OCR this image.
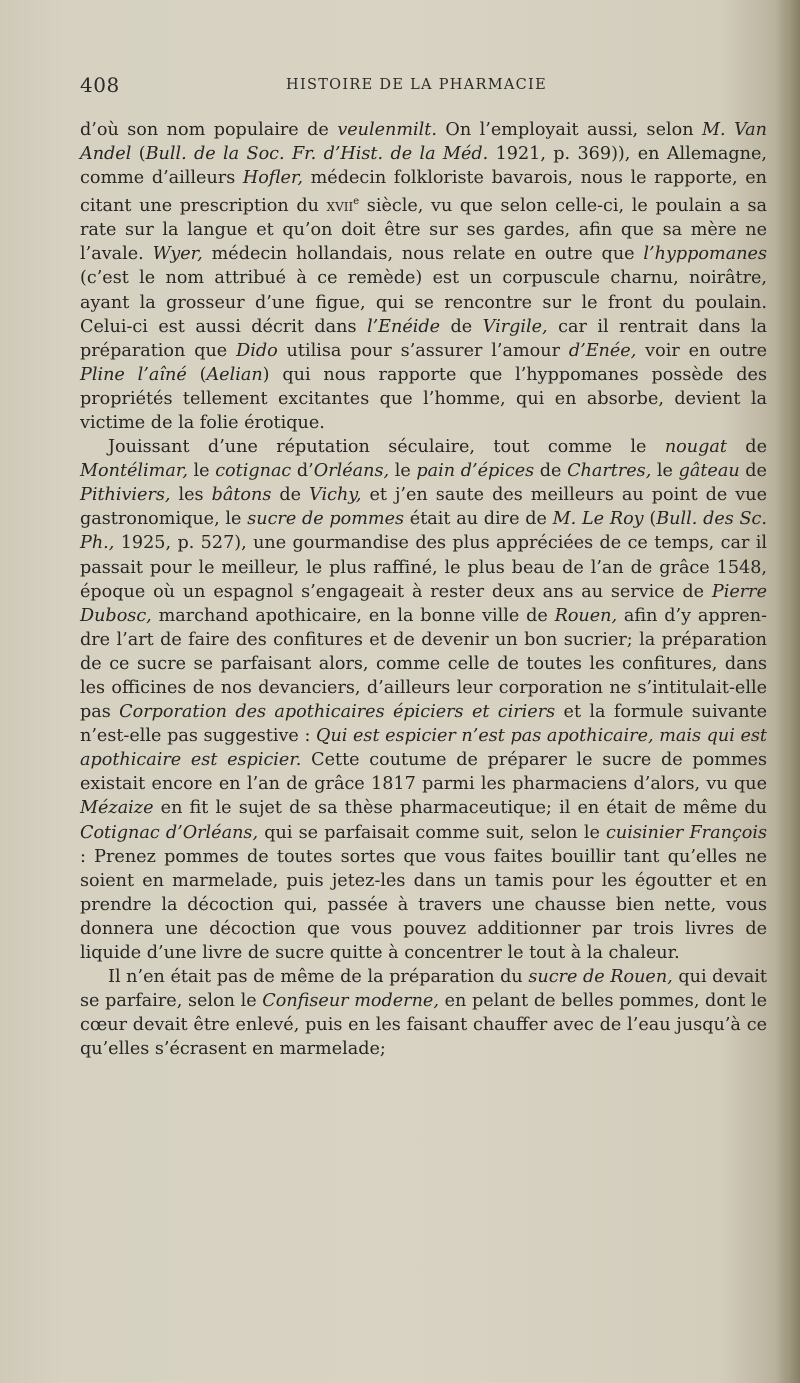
408	HISTOIRE DE LA PHARMACIE

d’où son nom populaire de veulenmilt. On l’employait aussi, selon M. Van Andel (Bull. de la Soc. Fr. d’Hist. de la Méd. 1921, p. 369)), en Allemagne, comme d’ailleurs Hofler, médecin folkloriste bavarois, nous le rapporte, en citant une prescription du xvii$^e$ siècle, vu que selon celle-ci, le poulain a sa rate sur la langue et qu’on doit être sur ses gardes, afin que sa mère ne l’avale. Wyer, médecin hollandais, nous relate en outre que l’hyppomanes (c’est le nom attribué à ce remède) est un corpuscule charnu, noirâtre, ayant la grosseur d’une figue, qui se rencontre sur le front du poulain. Celui-ci est aussi décrit dans l’Enéide de Virgile, car il rentrait dans la préparation que Dido utilisa pour s’assurer l’amour d’Enée, voir en outre Pline l’aîné (Aelian) qui nous rapporte que l’hyppomanes possède des propriétés tellement excitantes que l’homme, qui en absorbe, devient la victime de la folie érotique.

Jouissant d’une réputation séculaire, tout comme le nougat de Montélimar, le cotignac d’Orléans, le pain d’épices de Chartres, le gâteau de Pithiviers, les bâtons de Vichy, et j’en saute des meilleurs au point de vue gastronomique, le sucre de pommes était au dire de M. Le Roy (Bull. des Sc. Ph., 1925, p. 527), une gourmandise des plus appréciées de ce temps, car il passait pour le meilleur, le plus raffiné, le plus beau de l’an de grâce 1548, époque où un espagnol s’engageait à rester deux ans au service de Pierre Dubosc, marchand apothicaire, en la bonne ville de Rouen, afin d’y apprendre l’art de faire des confitures et de devenir un bon sucrier; la préparation de ce sucre se parfaisant alors, comme celle de toutes les confitures, dans les officines de nos devanciers, d’ailleurs leur corporation ne s’intitulait-elle pas Corporation des apothicaires épiciers et ciriers et la formule suivante n’est-elle pas suggestive : Qui est espicier n’est pas apothicaire, mais qui est apothicaire est espicier. Cette coutume de préparer le sucre de pommes existait encore en l’an de grâce 1817 parmi les pharmaciens d’alors, vu que Mézaize en fit le sujet de sa thèse pharmaceutique; il en était de même du Cotignac d’Orléans, qui se parfaisait comme suit, selon le cuisinier François : Prenez pommes de toutes sortes que vous faites bouillir tant qu’elles ne soient en marmelade, puis jetez-les dans un tamis pour les égoutter et en prendre la décoction qui, passée à travers une chausse bien nette, vous donnera une décoction que vous pouvez additionner par trois livres de liquide d’une livre de sucre quitte à concentrer le tout à la chaleur.

Il n’en était pas de même de la préparation du sucre de Rouen, qui devait se parfaire, selon le Confiseur moderne, en pelant de belles pommes, dont le cœur devait être enlevé, puis en les faisant chauffer avec de l’eau jusqu’à ce qu’elles s’écrasent en marmelade;
